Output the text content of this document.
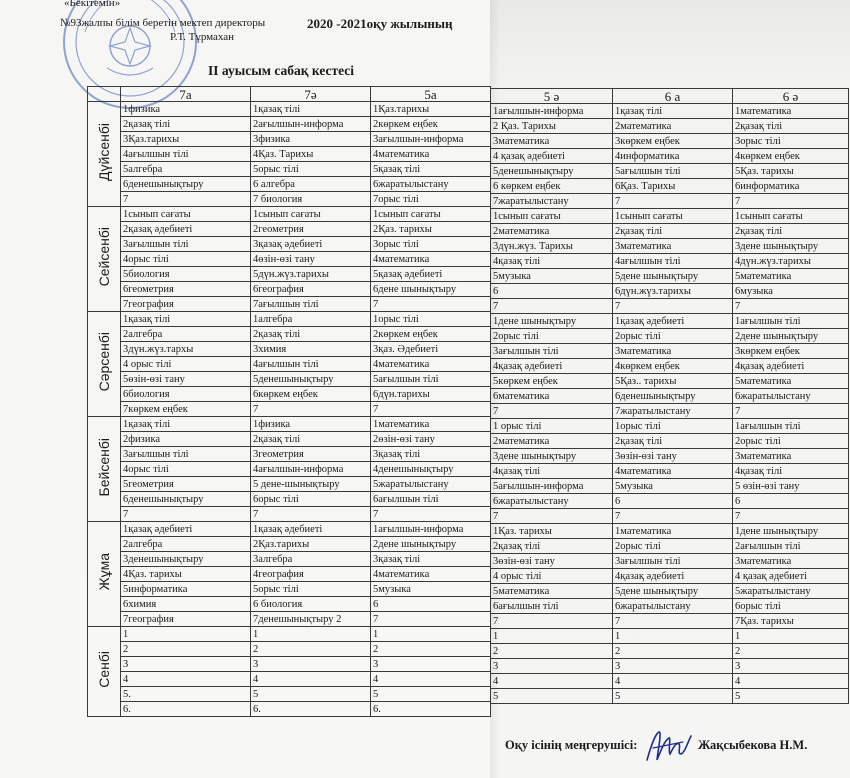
«Бекітемін»
№93жалпы білім беретін мектеп директоры
Р.Т. Тұрмахан
2020 -2021оқу жылының
ІІ ауысым сабақ кестесі
	7а	7ә	5а
Дүйсенбі	1физика	1қазақ тілі	1Қаз.тарихы
	2қазақ тілі	2ағылшын-информа	2көркем еңбек
	3Қаз.тарихы	3физика	3ағылшын-информа
	4ағылшын тілі	4Қаз. Тарихы	4математика
	5алгебра	5орыс тілі	5қазақ тілі
	6денешынықтыру	6 алгебра	6жаратылыстану
	7	7 биология	7орыс тілі
Сейсенбі	1сынып сағаты	1сынып сағаты	1сынып сағаты
	2қазақ әдебиеті	2геометрия	2Қаз. тарихы
	3ағылшын тілі	3қазақ әдебиеті	3орыс тілі
	4орыс тілі	4өзін-өзі тану	4математика
	5биология	5дүн.жүз.тарихы	5қазақ әдебиеті
	6геометрия	6география	6дене шынықтыру
	7география	7ағылшын тілі	7
Сәрсенбі	1қазақ тілі	1алгебра	1орыс тілі
	2алгебра	2қазақ тілі	2көркем еңбек
	3дүн.жүз.тархы	3химия	3қаз. Әдебиеті
	4 орыс тілі	4ағылшын тілі	4математика
	5өзін-өзі тану	5денешынықтыру	5ағылшын тілі
	6биология	6көркем еңбек	6дүн.тарихы
	7көркем еңбек	7	7
Бейсенбі	1қазақ тілі	1физика	1математика
	2физика	2қазақ тілі	2өзін-өзі тану
	3ағылшын тілі	3геометрия	3қазақ тілі
	4орыс тілі	4ағылшын-информа	4денешынықтыру
	5геометрия	5 дене-шынықтыру	5жаратылыстану
	6денешынықтыру	6орыс тілі	6ағылшын тілі
	7	7	7
Жұма	1қазақ әдебиеті	1қазақ әдебиеті	1ағылшын-информа
	2алгебра	2Қаз.тарихы	2дене шынықтыру
	3денешынықтыру	3алгебра	3қазақ тілі
	4Қаз. тарихы	4география	4математика
	5информатика	5орыс тілі	5музыка
	6химия	6 биология	6
	7география	7денешынықтыру 2	7
Сенбі	1	1	1
	2	2	2
	3	3	3
	4	4	4
	5.	5	5
	6.	6.	6.
5 ә	6 а	6 ә
1ағылшын-информа	1қазақ тілі	1математика
2 Қаз. Тарихы	2математика	2қазақ тілі
3математика	3көркем еңбек	3орыс тілі
4 қазақ әдебиеті	4информатика	4көркем еңбек
5денешынықтыру	5ағылшын тілі	5Қаз. тарихы
6 көркем еңбек	6Қаз. Тарихы	6информатика
7жаратылыстану	7	7
1сынып сағаты	1сынып сағаты	1сынып сағаты
2математика	2қазақ тілі	2қазақ тілі
3дүн.жүз. Тарихы	3математика	3дене шынықтыру
4қазақ тілі	4ағылшын тілі	4дүн.жүз.тарихы
5музыка	5дене шынықтыру	5математика
6	6дүн.жүз.тарихы	6музыка
7	7	7
1дене шынықтыру	1қазақ әдебиеті	1ағылшын тілі
2орыс тілі	2орыс тілі	2дене шынықтыру
3ағылшын тілі	3математика	3көркем еңбек
4қазақ әдебиеті	4көркем еңбек	4қазақ әдебиеті
5көркем еңбек	5Қаз.. тарихы	5математика
6математика	6денешынықтыру	6жаратылыстану
7	7жаратылыстану	7
1 орыс тілі	1орыс тілі	1ағылшын тілі
2математика	2қазақ тілі	2орыс тілі
3дене шынықтыру	3өзін-өзі тану	3математика
4қазақ тілі	4математика	4қазақ тілі
5ағылшын-информа	5музыка	5 өзін-өзі тану
6жаратылыстану	6	6
7	7	7
1Қаз. тарихы	1математика	1дене шынықтыру
2қазақ тілі	2орыс тілі	2ағылшын тілі
3өзін-өзі тану	3ағылшын тілі	3математика
4 орыс тілі	4қазақ әдебиеті	4 қазақ әдебиеті
5математика	5дене шынықтыру	5жаратылыстану
6ағылшын тілі	6жаратылыстану	6орыс тілі
7	7	7Қаз. тарихы
1	1	1
2	2	2
3	3	3
4	4	4
5	5	5
Оқу ісінің меңгерушісі:	Жақсыбекова Н.М.
